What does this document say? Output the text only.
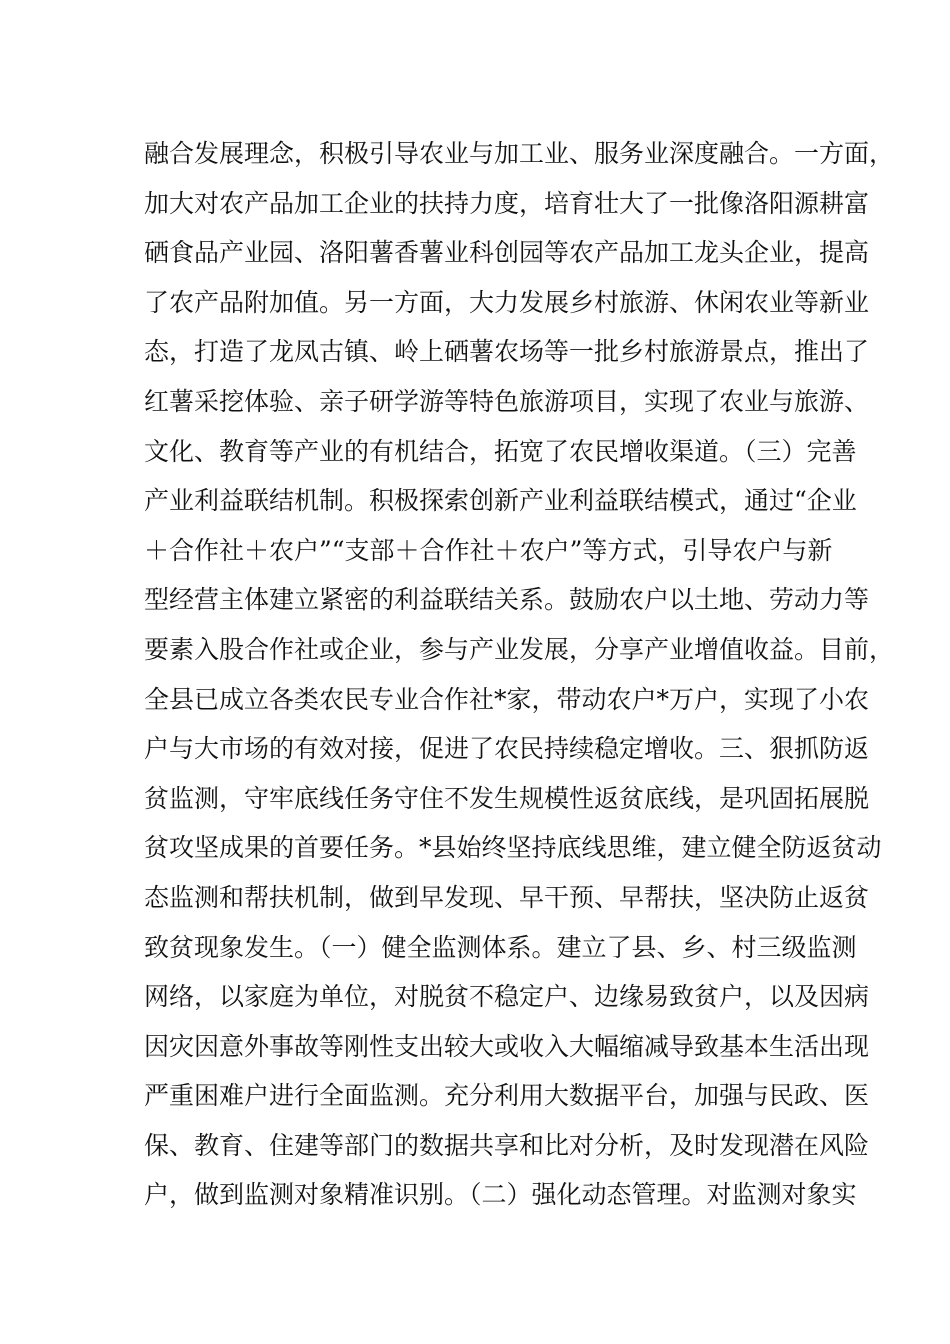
融合发展理念，积极引导农业与加工业、服务业深度融合。一方面，
加大对农产品加工企业的扶持力度，培育壮大了一批像洛阳源耕富
硒食品产业园、洛阳薯香薯业科创园等农产品加工龙头企业，提高
了农产品附加值。另一方面，大力发展乡村旅游、休闲农业等新业
态，打造了龙凤古镇、岭上硒薯农场等一批乡村旅游景点，推出了
红薯采挖体验、亲子研学游等特色旅游项目，实现了农业与旅游、
文化、教育等产业的有机结合，拓宽了农民增收渠道。（三）完善
产业利益联结机制。积极探索创新产业利益联结模式，通过“企业
＋合作社＋农户”“支部＋合作社＋农户”等方式，引导农户与新
型经营主体建立紧密的利益联结关系。鼓励农户以土地、劳动力等
要素入股合作社或企业，参与产业发展，分享产业增值收益。目前，
全县已成立各类农民专业合作社*家，带动农户*万户，实现了小农
户与大市场的有效对接，促进了农民持续稳定增收。三、狠抓防返
贫监测，守牢底线任务守住不发生规模性返贫底线，是巩固拓展脱
贫攻坚成果的首要任务。*县始终坚持底线思维，建立健全防返贫动
态监测和帮扶机制，做到早发现、早干预、早帮扶，坚决防止返贫
致贫现象发生。（一）健全监测体系。建立了县、乡、村三级监测
网络，以家庭为单位，对脱贫不稳定户、边缘易致贫户，以及因病
因灾因意外事故等刚性支出较大或收入大幅缩减导致基本生活出现
严重困难户进行全面监测。充分利用大数据平台，加强与民政、医
保、教育、住建等部门的数据共享和比对分析，及时发现潜在风险
户，做到监测对象精准识别。（二）强化动态管理。对监测对象实
